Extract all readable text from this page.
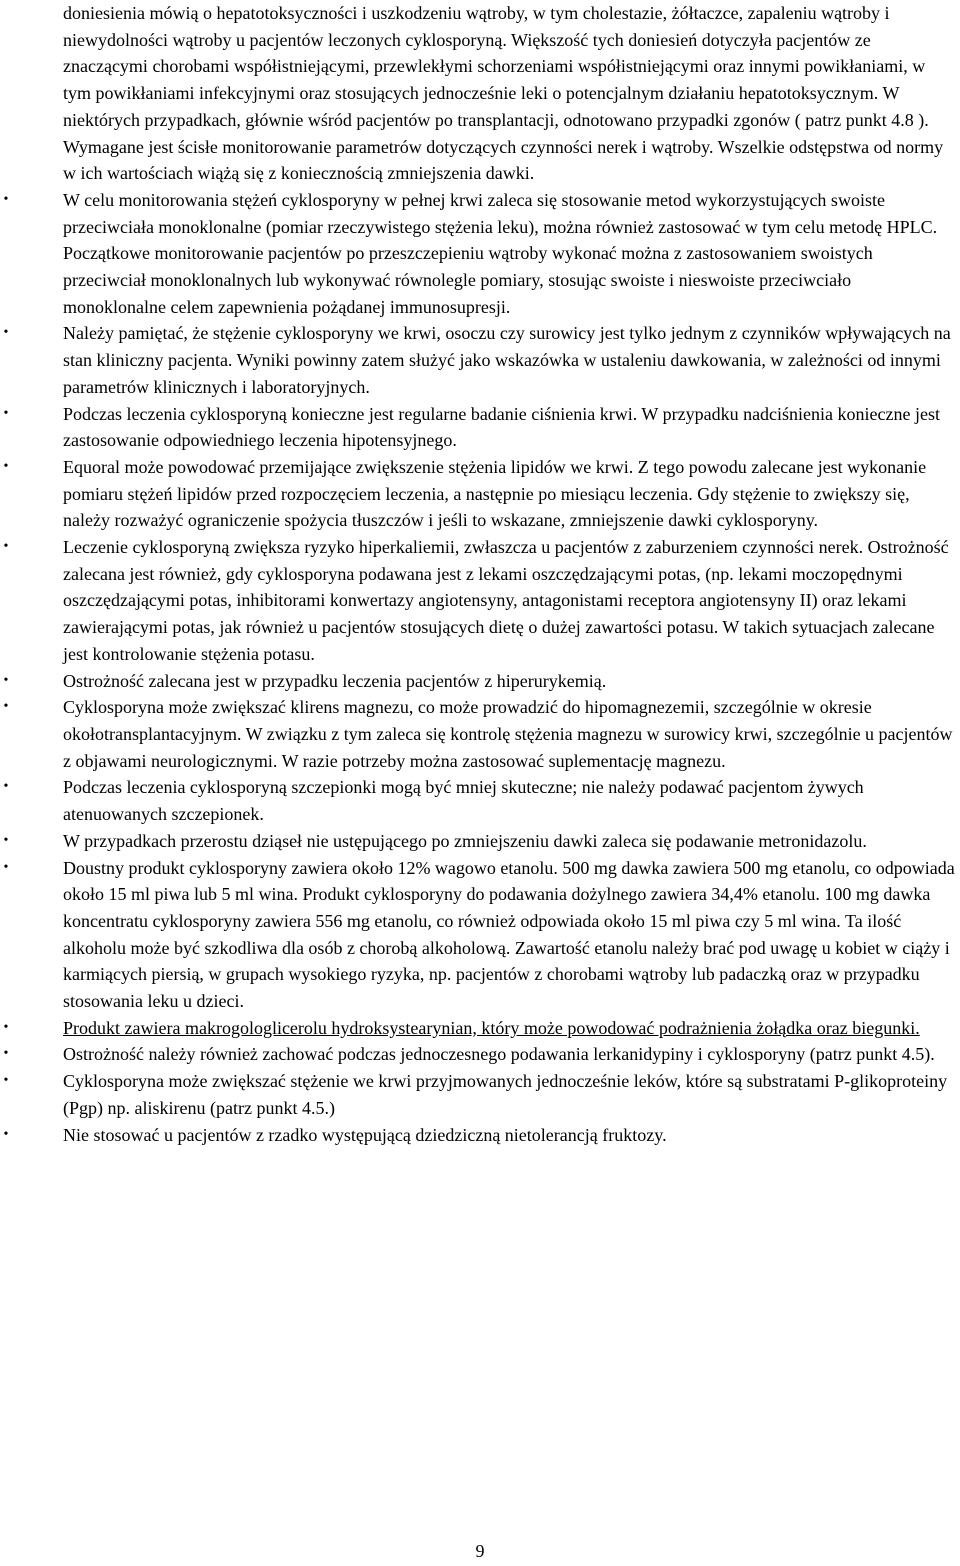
doniesienia mówią o hepatotoksyczności i uszkodzeniu wątroby, w tym cholestazie, żółtaczce, zapaleniu wątroby i niewydolności wątroby u pacjentów leczonych cyklosporyną. Większość tych doniesień dotyczyła pacjentów ze znaczącymi chorobami współistniejącymi, przewlekłymi schorzeniami współistniejącymi oraz innymi powikłaniami, w tym powikłaniami infekcyjnymi oraz stosujących jednocześnie leki o potencjalnym działaniu hepatotoksycznym. W niektórych przypadkach, głównie wśród pacjentów po transplantacji, odnotowano przypadki zgonów ( patrz punkt 4.8 ). Wymagane jest ścisłe monitorowanie parametrów dotyczących czynności nerek i wątroby. Wszelkie odstępstwa od normy w ich wartościach wiążą się z koniecznością zmniejszenia dawki.
•	W celu monitorowania stężeń cyklosporyny w pełnej krwi zaleca się stosowanie metod wykorzystujących swoiste przeciwciała monoklonalne (pomiar rzeczywistego stężenia leku), można również zastosować w tym celu metodę HPLC. Początkowe monitorowanie pacjentów po przeszczepieniu wątroby wykonać można z zastosowaniem swoistych przeciwciał monoklonalnych lub wykonywać równolegle pomiary, stosując swoiste i nieswoiste przeciwciało monoklonalne celem zapewnienia pożądanej immunosupresji.
•	Należy pamiętać, że stężenie cyklosporyny we krwi, osoczu czy surowicy jest tylko jednym z czynników wpływających na stan kliniczny pacjenta. Wyniki powinny zatem służyć jako wskazówka w ustaleniu dawkowania, w zależności od innymi parametrów klinicznych i laboratoryjnych.
•	Podczas leczenia cyklosporyną konieczne jest regularne badanie ciśnienia krwi. W przypadku nadciśnienia konieczne jest zastosowanie odpowiedniego leczenia hipotensyjnego.
•	Equoral może powodować przemijające zwiększenie stężenia lipidów we krwi. Z tego powodu zalecane jest wykonanie pomiaru stężeń lipidów przed rozpoczęciem leczenia, a następnie po miesiącu leczenia. Gdy stężenie to zwiększy się, należy rozważyć ograniczenie spożycia tłuszczów i jeśli to wskazane, zmniejszenie dawki cyklosporyny.
•	Leczenie cyklosporyną zwiększa ryzyko hiperkaliemii, zwłaszcza u pacjentów z zaburzeniem czynności nerek. Ostrożność zalecana jest również, gdy cyklosporyna podawana jest z lekami oszczędzającymi potas, (np. lekami moczopędnymi oszczędzającymi potas, inhibitorami konwertazy angiotensyny, antagonistami receptora angiotensyny II) oraz lekami zawierającymi potas, jak również u pacjentów stosujących dietę o dużej zawartości potasu. W takich sytuacjach zalecane jest kontrolowanie stężenia potasu.
•	Ostrożność zalecana jest w przypadku leczenia pacjentów z hiperurykemią.
•	Cyklosporyna może zwiększać klirens magnezu, co może prowadzić do hipomagnezemii, szczególnie w okresie okołotransplantacyjnym. W związku z tym zaleca się kontrolę stężenia magnezu w surowicy krwi, szczególnie u pacjentów z objawami neurologicznymi. W razie potrzeby można zastosować suplementację magnezu.
•	Podczas leczenia cyklosporyną szczepionki mogą być mniej skuteczne; nie należy podawać pacjentom żywych atenuowanych szczepionek.
•	W przypadkach przerostu dziąseł nie ustępującego po zmniejszeniu dawki zaleca się podawanie metronidazolu.
•	Doustny produkt cyklosporyny zawiera około 12% wagowo etanolu. 500 mg dawka zawiera 500 mg etanolu, co odpowiada około 15 ml piwa lub 5 ml wina. Produkt cyklosporyny do podawania dożylnego zawiera 34,4% etanolu. 100 mg dawka koncentratu cyklosporyny zawiera 556 mg etanolu, co również odpowiada około 15 ml piwa czy 5 ml wina. Ta ilość alkoholu może być szkodliwa dla osób z chorobą alkoholową. Zawartość etanolu należy brać pod uwagę u kobiet w ciąży i karmiących piersią, w grupach wysokiego ryzyka, np. pacjentów z chorobami wątroby lub padaczką oraz w przypadku stosowania leku u dzieci.
•	Produkt zawiera makrogologlicerolu hydroksystearynian, który może powodować podrażnienia żołądka oraz biegunki.
•	Ostrożność należy również zachować podczas jednoczesnego podawania lerkanidypiny i cyklosporyny (patrz punkt 4.5).
•	Cyklosporyna może zwiększać stężenie we krwi przyjmowanych jednocześnie leków, które są substratami P-glikoproteiny (Pgp) np. aliskirenu (patrz punkt 4.5.)
•	Nie stosować u pacjentów z rzadko występującą dziedziczną nietolerancją fruktozy.
9
